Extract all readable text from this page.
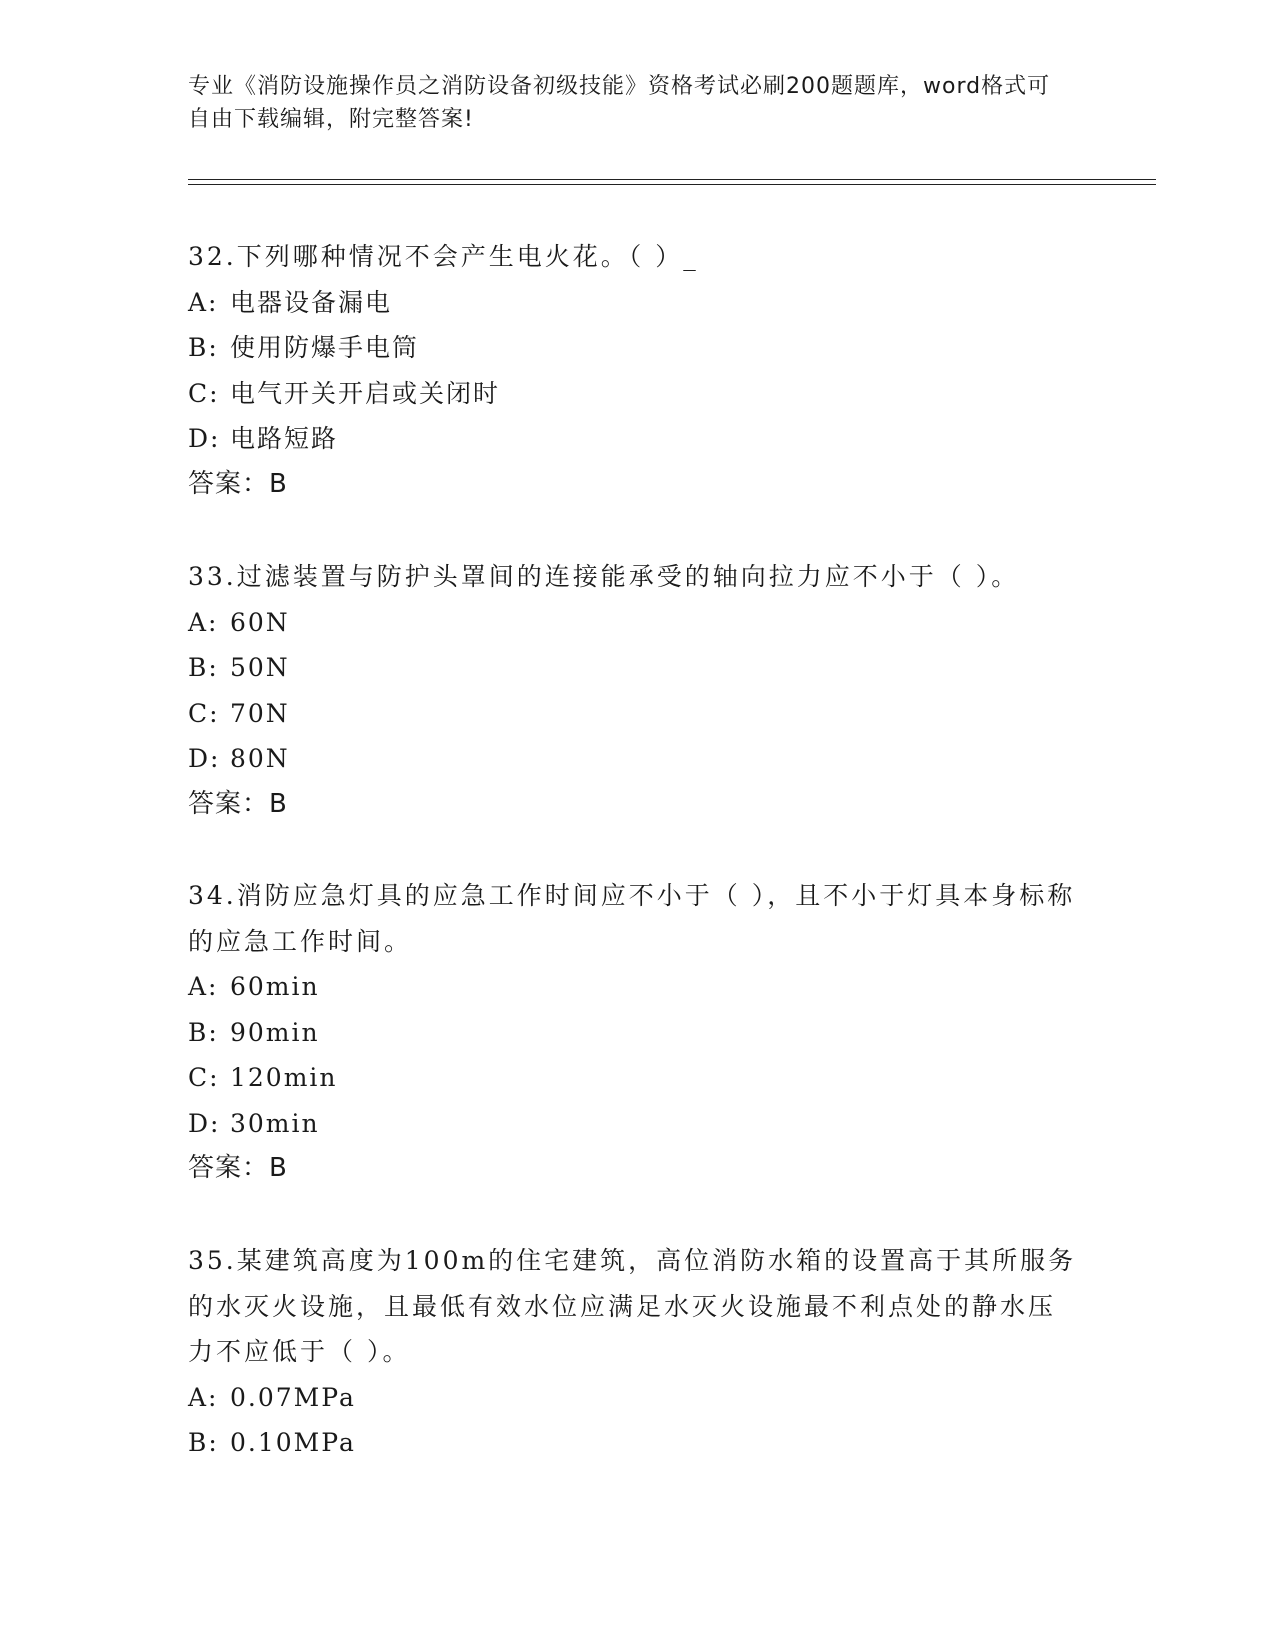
专业《消防设施操作员之消防设备初级技能》资格考试必刷200题题库，word格式可自由下载编辑，附完整答案!

32.下列哪种情况不会产生电火花。（ ）_

A: 电器设备漏电

B: 使用防爆手电筒

C: 电气开关开启或关闭时

D: 电路短路

答案：B

33.过滤装置与防护头罩间的连接能承受的轴向拉力应不小于（ ）。

A: 60N

B: 50N

C: 70N

D: 80N

答案：B

34.消防应急灯具的应急工作时间应不小于（ ），且不小于灯具本身标称的应急工作时间。

A: 60min

B: 90min

C: 120min

D: 30min

答案：B

35.某建筑高度为100m的住宅建筑，高位消防水箱的设置高于其所服务的水灭火设施，且最低有效水位应满足水灭火设施最不利点处的静水压力不应低于（ ）。

A: 0.07MPa

B: 0.10MPa
